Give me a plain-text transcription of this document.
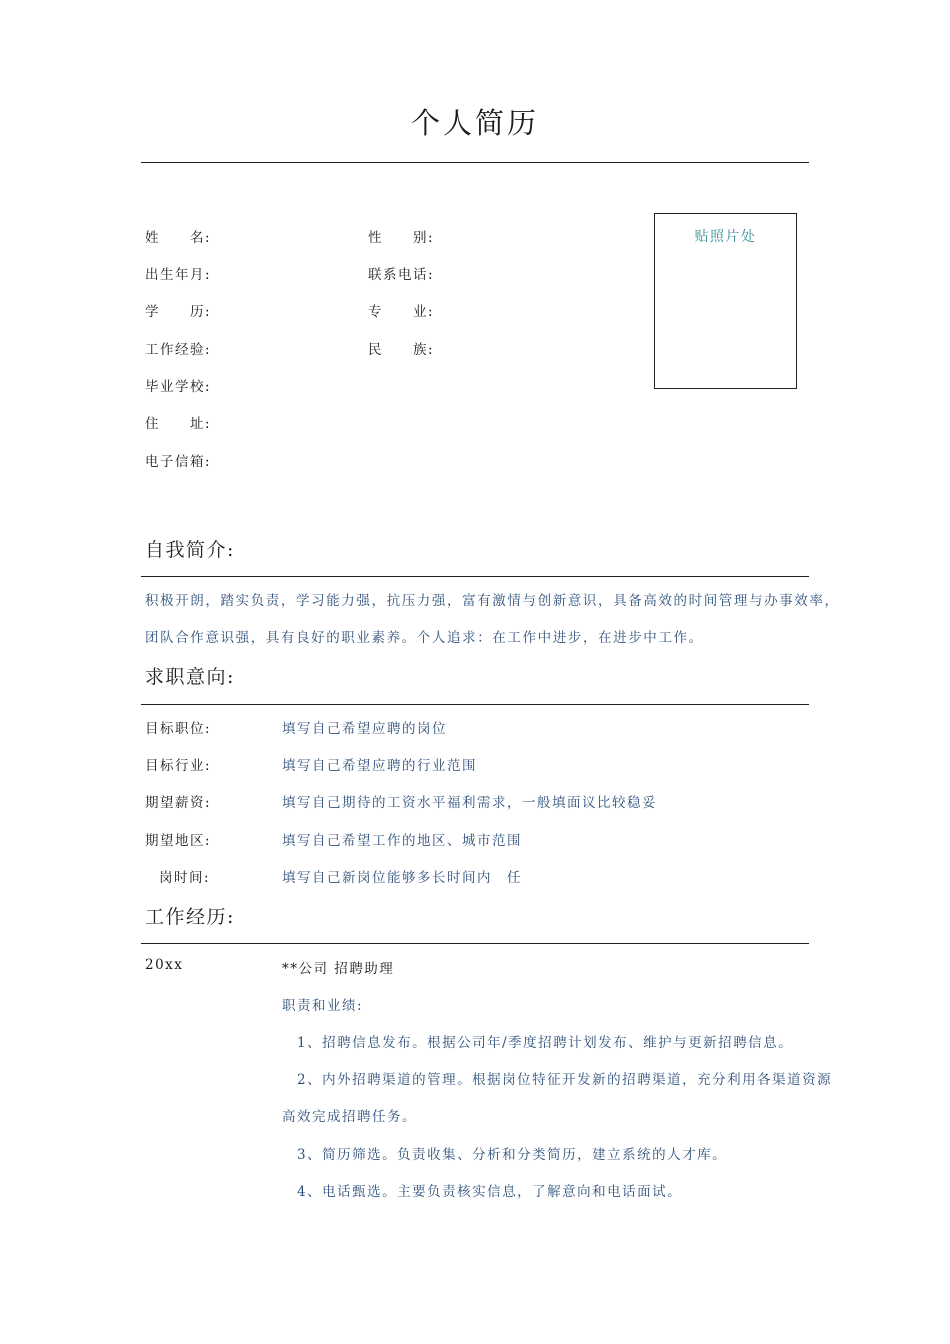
个人简历
姓　　名:	性　　别:
出生年月:	联系电话:
学　　历:	专　　业:
工作经验:	民　　族:
毕业学校:
住　　址:
电子信箱:
贴照片处
自我简介:
积极开朗，踏实负责，学习能力强，抗压力强，富有激情与创新意识，具备高效的时间管理与办事效率，
团队合作意识强，具有良好的职业素养。个人追求：在工作中进步，在进步中工作。
求职意向:
目标职位:	填写自己希望应聘的岗位
目标行业:	填写自己希望应聘的行业范围
期望薪资:	填写自己期待的工资水平福利需求，一般填面议比较稳妥
期望地区:	填写自己希望工作的地区、城市范围
岗时间:	填写自己新岗位能够多长时间内　任
工作经历:
20xx	**公司 招聘助理
职责和业绩:
1、招聘信息发布。根据公司年/季度招聘计划发布、维护与更新招聘信息。
2、内外招聘渠道的管理。根据岗位特征开发新的招聘渠道，充分利用各渠道资源
高效完成招聘任务。
3、简历筛选。负责收集、分析和分类简历，建立系统的人才库。
4、电话甄选。主要负责核实信息，了解意向和电话面试。
